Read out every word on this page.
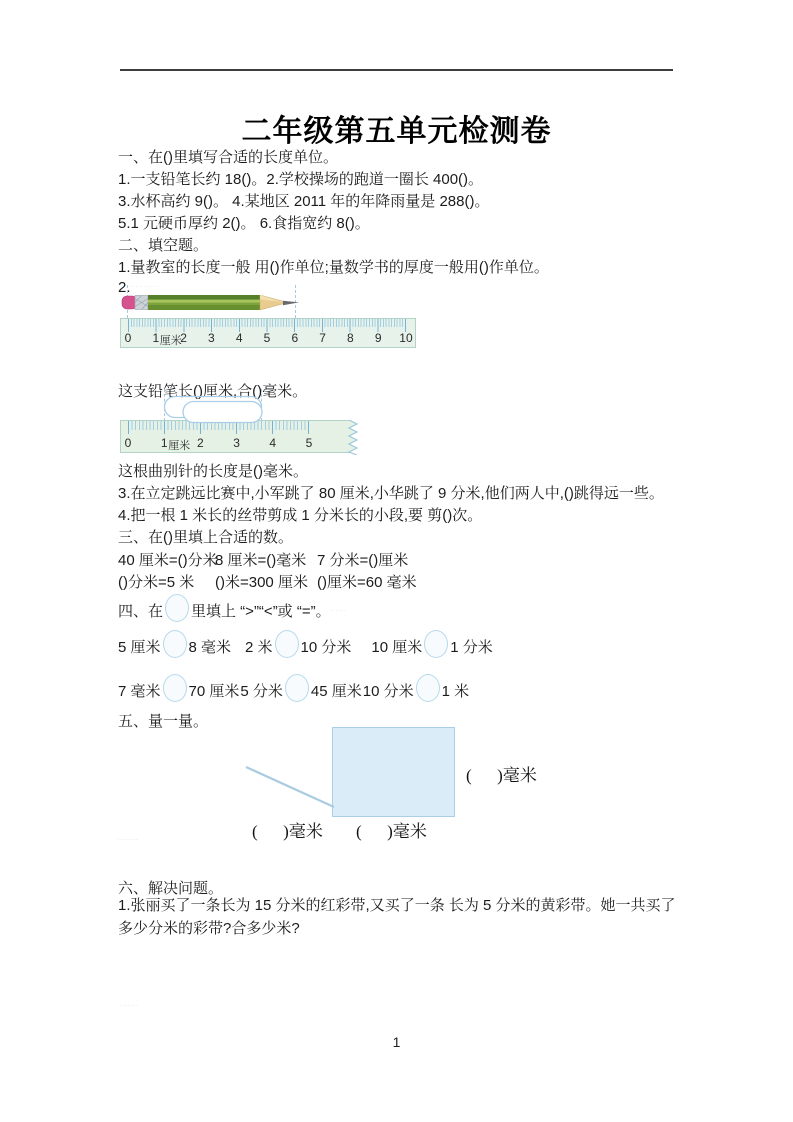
二年级第五单元检测卷
一、在()里填写合适的长度单位。
1.一支铅笔长约 18()。2.学校操场的跑道一圈长 400()。
3.水杯高约 9()。 4.某地区 2011 年的年降雨量是 288()。
5.1 元硬币厚约 2()。 6.食指宽约 8()。
二、填空题。
1.量教室的长度一般 用()作单位;量数学书的厚度一般用()作单位。
2.∙∙∙∙∙∙∙∙∙∙∙
0 1 厘米
2 3 4 5 6 7 8 9 10
这支铅笔长()厘米,合()毫米。
0 1 厘米 2 3 4 5
这根曲别针的长度是()毫米。
3.在立定跳远比赛中,小军跳了 80 厘米,小华跳了 9 分米,他们两人中,()跳得远一些。
4.把一根 1 米长的丝带剪成 1 分米长的小段,要 剪()次。
三、在()里填上合适的数。
40 厘米=()分米8 厘米=()毫米 7 分米=()厘米
()分米=5 米 ()米=300 厘米 ()厘米=60 毫米
四、在 里填上 “>”“<”或 “=”。∙∙∙∙∙∙
5 厘米 8 毫米 2 米 10 分米 10 厘米 1 分米
7 毫米 70 厘米5 分米 45 厘米10 分米 1 米
五、量一量。
(      )毫米
(      )毫米 (      )毫米
∙∙∙∙∙∙∙∙
六、解决问题。
1.张丽买了一条长为 15 分米的红彩带,又买了一条 长为 5 分米的黄彩带。她一共买了多少分米的彩带?合多少米?
∙∙∙∙∙∙∙
1
